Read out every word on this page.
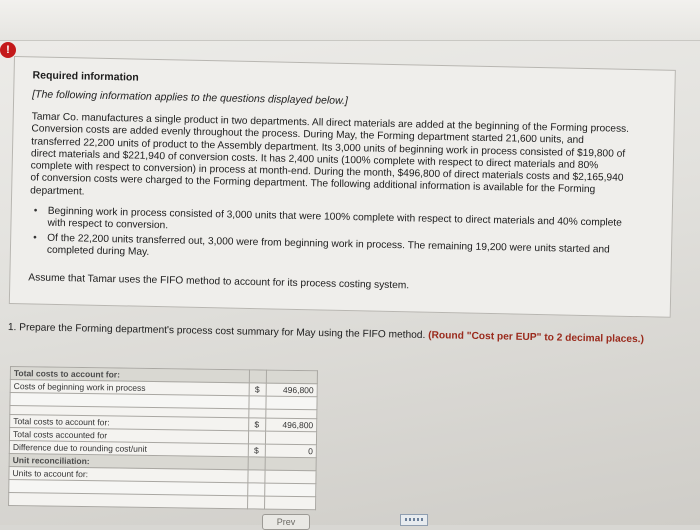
!

Required information

[The following information applies to the questions displayed below.]

Tamar Co. manufactures a single product in two departments. All direct materials are added at the beginning of the Forming process. Conversion costs are added evenly throughout the process. During May, the Forming department started 21,600 units, and transferred 22,200 units of product to the Assembly department. Its 3,000 units of beginning work in process consisted of $19,800 of direct materials and $221,940 of conversion costs. It has 2,400 units (100% complete with respect to direct materials and 80% complete with respect to conversion) in process at month-end. During the month, $496,800 of direct materials costs and $2,165,940 of conversion costs were charged to the Forming department. The following additional information is available for the Forming department.

• Beginning work in process consisted of 3,000 units that were 100% complete with respect to direct materials and 40% complete with respect to conversion.
• Of the 22,200 units transferred out, 3,000 were from beginning work in process. The remaining 19,200 were units started and completed during May.

Assume that Tamar uses the FIFO method to account for its process costing system.

1. Prepare the Forming department's process cost summary for May using the FIFO method. (Round "Cost per EUP" to 2 decimal places.)
Total costs to account for:		
Costs of beginning work in process	$	496,800

Total costs to account for:	$	496,800
Total costs accounted for		
Difference due to rounding cost/unit	$	0
Unit reconciliation:		
Units to account for:		

Prev
